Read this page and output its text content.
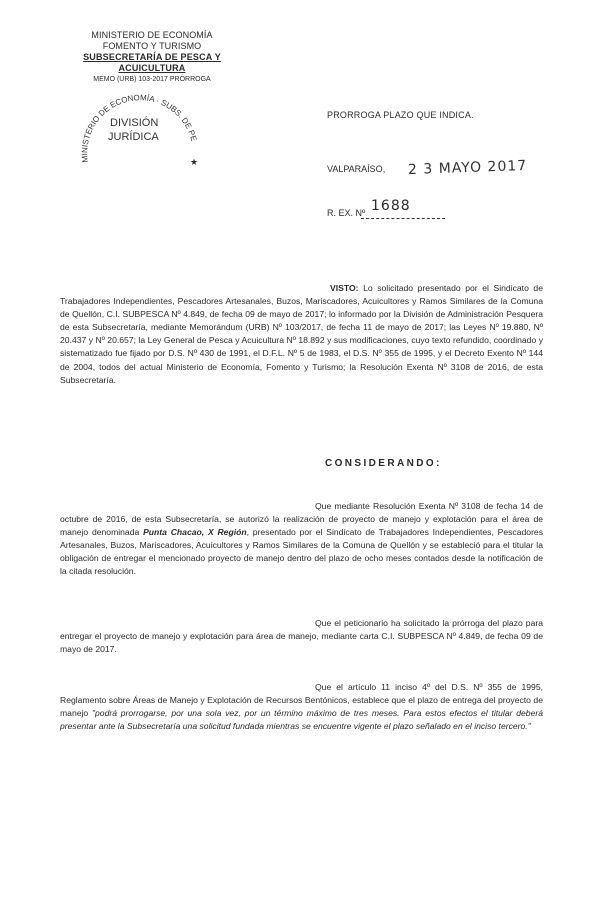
MINISTERIO DE ECONOMÍA
FOMENTO Y TURISMO
SUBSECRETARÍA DE PESCA Y ACUICULTURA
MEMO (URB) 103-2017 PRÓRROGA
MINISTERIO DE ECONOMÍA · SUBS. DE PESCA Y ACUICULTURA
DIVISIÓN
JURÍDICA
★
PRORROGA PLAZO QUE INDICA.
VALPARAÍSO, 2 3 MAYO 2017
R. EX. Nº 1688
VISTO: Lo solicitado presentado por el Sindicato de Trabajadores Independientes, Pescadores Artesanales, Buzos, Mariscadores, Acuicultores y Ramos Similares de la Comuna de Quellón, C.I. SUBPESCA Nº 4.849, de fecha 09 de mayo de 2017; lo informado por la División de Administración Pesquera de esta Subsecretaría, mediante Memorándum (URB) Nº 103/2017, de fecha 11 de mayo de 2017; las Leyes Nº 19.880, Nº 20.437 y Nº 20.657; la Ley General de Pesca y Acuicultura Nº 18.892 y sus modificaciones, cuyo texto refundido, coordinado y sistematizado fue fijado por D.S. Nº 430 de 1991, el D.F.L. Nº 5 de 1983, el D.S. Nº 355 de 1995, y el Decreto Exento Nº 144 de 2004, todos del actual Ministerio de Economía, Fomento y Turismo; la Resolución Exenta Nº 3108 de 2016, de esta Subsecretaría.
CONSIDERANDO:
Que mediante Resolución Exenta Nº 3108 de fecha 14 de octubre de 2016, de esta Subsecretaría, se autorizó la realización de proyecto de manejo y explotación para el área de manejo denominada Punta Chacao, X Región, presentado por el Sindicato de Trabajadores Independientes, Pescadores Artesanales, Buzos, Mariscadores, Acuicultores y Ramos Similares de la Comuna de Quellón y se estableció para el titular la obligación de entregar el mencionado proyecto de manejo dentro del plazo de ocho meses contados desde la notificación de la citada resolución.
Que el peticionario ha solicitado la prórroga del plazo para entregar el proyecto de manejo y explotación para área de manejo, mediante carta C.I. SUBPESCA Nº 4.849, de fecha 09 de mayo de 2017.
Que el artículo 11 inciso 4º del D.S. Nº 355 de 1995, Reglamento sobre Áreas de Manejo y Explotación de Recursos Bentónicos, establece que el plazo de entrega del proyecto de manejo "podrá prorrogarse, por una sola vez, por un término máximo de tres meses. Para estos efectos el titular deberá presentar ante la Subsecretaría una solicitud fundada mientras se encuentre vigente el plazo señalado en el inciso tercero."
